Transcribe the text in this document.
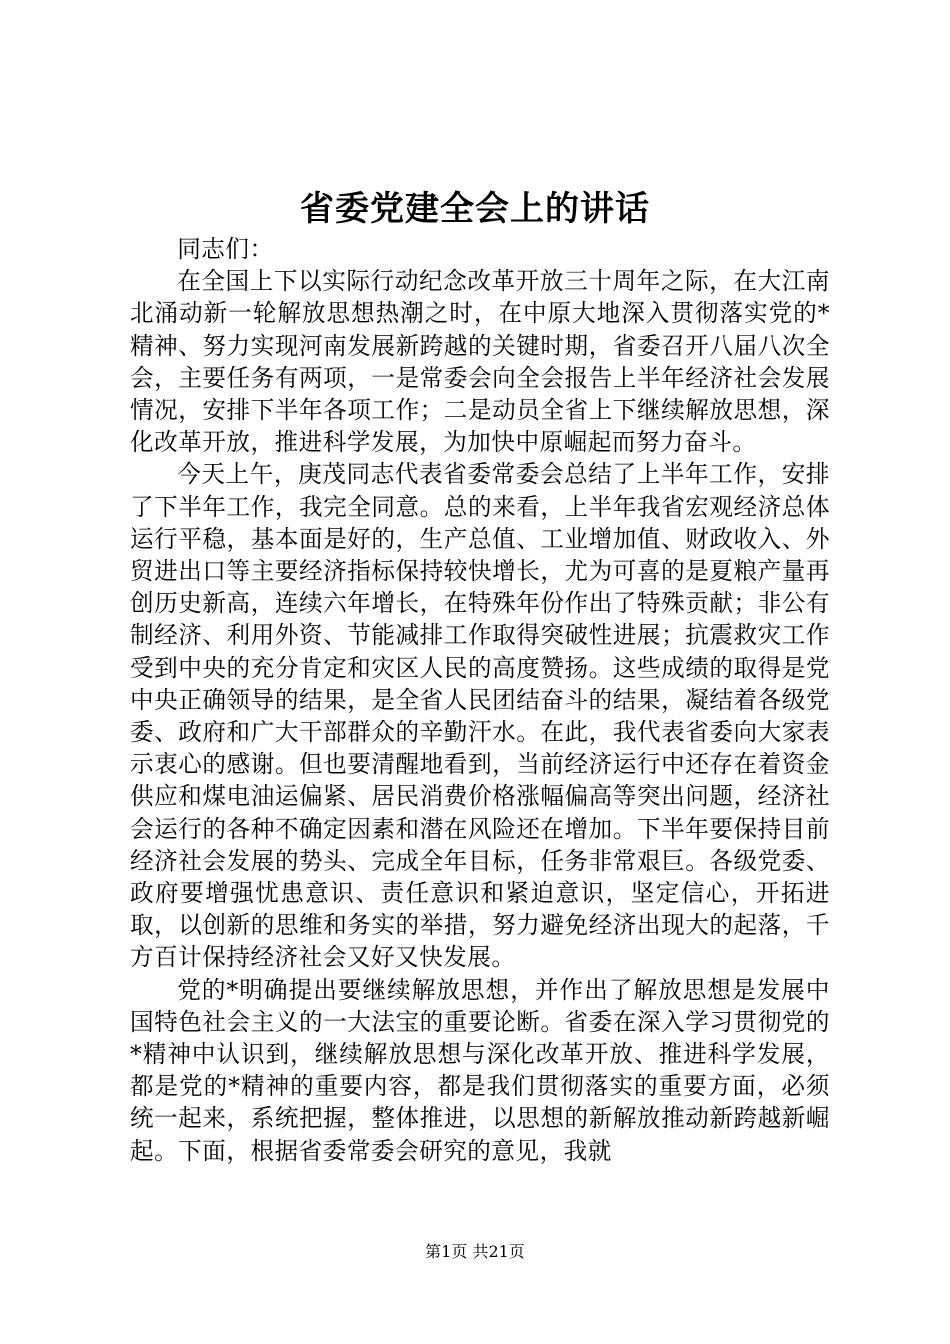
省委党建全会上的讲话

同志们：

在全国上下以实际行动纪念改革开放三十周年之际，在大江南北涌动新一轮解放思想热潮之时，在中原大地深入贯彻落实党的*精神、努力实现河南发展新跨越的关键时期，省委召开八届八次全会，主要任务有两项，一是常委会向全会报告上半年经济社会发展情况，安排下半年各项工作；二是动员全省上下继续解放思想，深化改革开放，推进科学发展，为加快中原崛起而努力奋斗。

今天上午，庚茂同志代表省委常委会总结了上半年工作，安排了下半年工作，我完全同意。总的来看，上半年我省宏观经济总体运行平稳，基本面是好的，生产总值、工业增加值、财政收入、外贸进出口等主要经济指标保持较快增长，尤为可喜的是夏粮产量再创历史新高，连续六年增长，在特殊年份作出了特殊贡献；非公有制经济、利用外资、节能减排工作取得突破性进展；抗震救灾工作受到中央的充分肯定和灾区人民的高度赞扬。这些成绩的取得是党中央正确领导的结果，是全省人民团结奋斗的结果，凝结着各级党委、政府和广大干部群众的辛勤汗水。在此，我代表省委向大家表示衷心的感谢。但也要清醒地看到，当前经济运行中还存在着资金供应和煤电油运偏紧、居民消费价格涨幅偏高等突出问题，经济社会运行的各种不确定因素和潜在风险还在增加。下半年要保持目前经济社会发展的势头、完成全年目标，任务非常艰巨。各级党委、政府要增强忧患意识、责任意识和紧迫意识，坚定信心，开拓进取，以创新的思维和务实的举措，努力避免经济出现大的起落，千方百计保持经济社会又好又快发展。

党的*明确提出要继续解放思想，并作出了解放思想是发展中国特色社会主义的一大法宝的重要论断。省委在深入学习贯彻党的*精神中认识到，继续解放思想与深化改革开放、推进科学发展，都是党的*精神的重要内容，都是我们贯彻落实的重要方面，必须统一起来，系统把握，整体推进，以思想的新解放推动新跨越新崛起。下面，根据省委常委会研究的意见，我就

第1页 共21页
